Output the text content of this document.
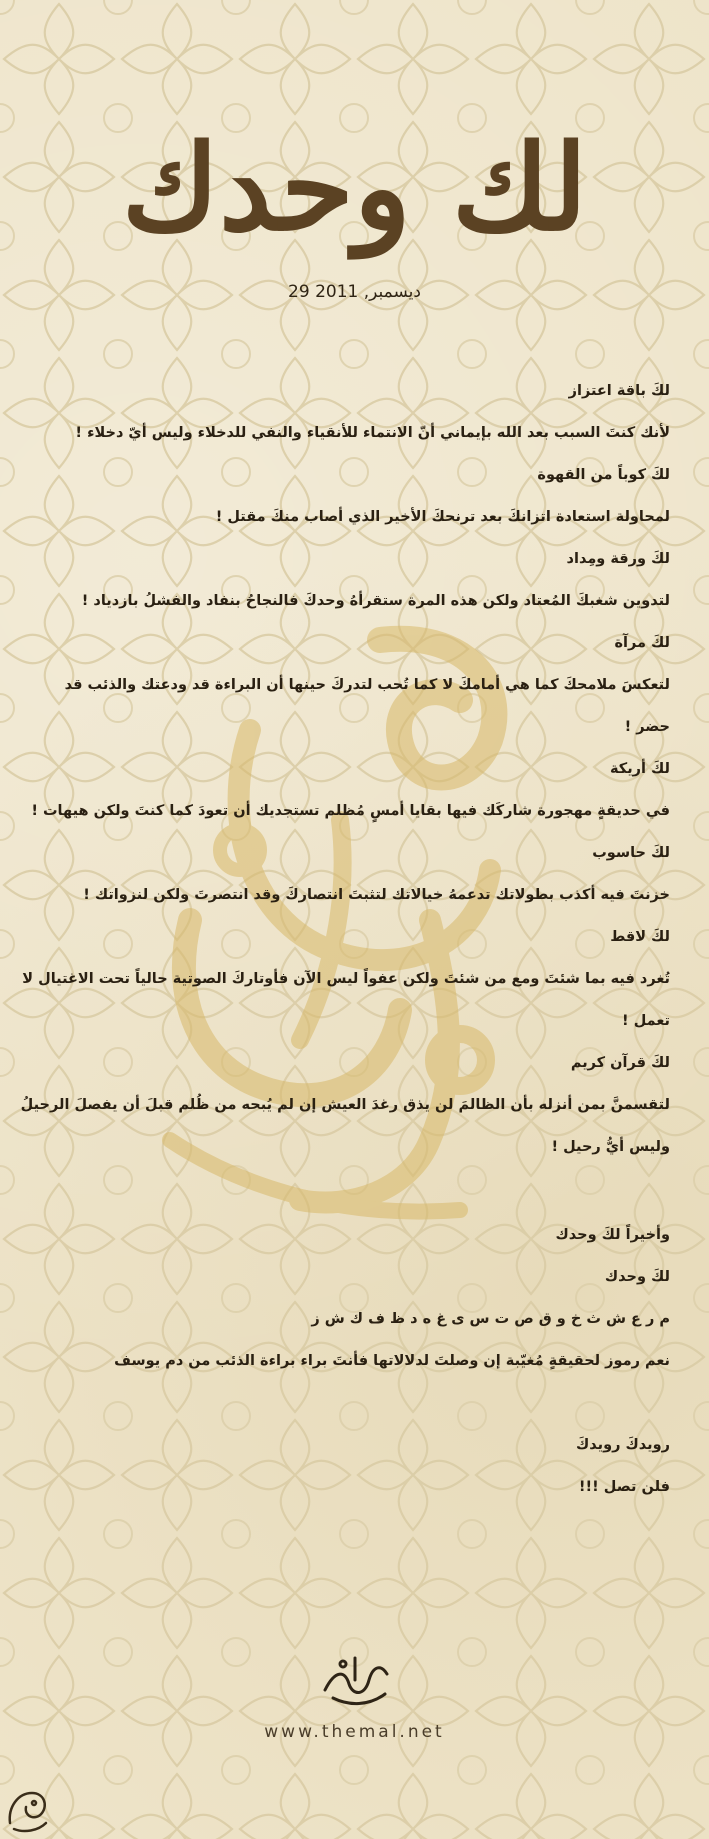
لك وحدك
29 ديسمبر, 2011
لكَ باقة اعتزاز
لأنك كنتَ السبب بعد الله بإيماني أنّ الانتماء للأنقياء والنفي للدخلاء وليس أيّ دخلاء !
لكَ كوباً من القهوة
لمحاولة استعادة اتزانكَ بعد ترنحكَ الأخير الذي أصاب منكَ مقتل !
لكَ ورقة ومِداد
لتدوين شغبكَ المُعتاد ولكن هذه المرة ستقرأهُ وحدكَ فالنجاحُ بنفاد والفشلُ بازدياد !
لكَ مرآة
لتعكسَ ملامحكَ كما هي أمامكَ لا كما تُحب لتدركَ حينها أن البراءة قد ودعتك والذئب قد
حضر !
لكَ أريكة
في حديقةٍ مهجورة شاركَك فيها بقايا أمسٍ مُظلم تستجديك أن تعودَ كما كنتَ ولكن هيهات !
لكَ حاسوب
خزنتَ فيه أكذب بطولاتك تدعمهُ خيالاتك لتثبتَ انتصاركَ وقد انتصرتَ ولكن لنزواتك !
لكَ لاقط
تُغرد فيه بما شئتَ ومع من شئتَ ولكن عفواً ليس الآن فأوتاركَ الصوتية حالياً تحت الاغتيال لا
تعمل !
لكَ قرآن كريم
لتقسمنَّ بمن أنزله بأن الظالمَ لن يذق رغدَ العيش إن لم يُبحه من ظُلم قبلَ أن يفصلَ الرحيلُ
وليس أيُّ رحيل !
وأخيراً لكَ وحدك
لكَ وحدك
م ر ع ش ث خ و ق ص ت س ى غ ه د ظ ف ك ش ز
نعم رموز لحقيقةٍ مُغيّبة إن وصلتَ لدلالاتها فأنتَ براء براءة الذئب من دم يوسف
رويدكَ رويدكَ
فلن تصل !!!
www.themal.net
